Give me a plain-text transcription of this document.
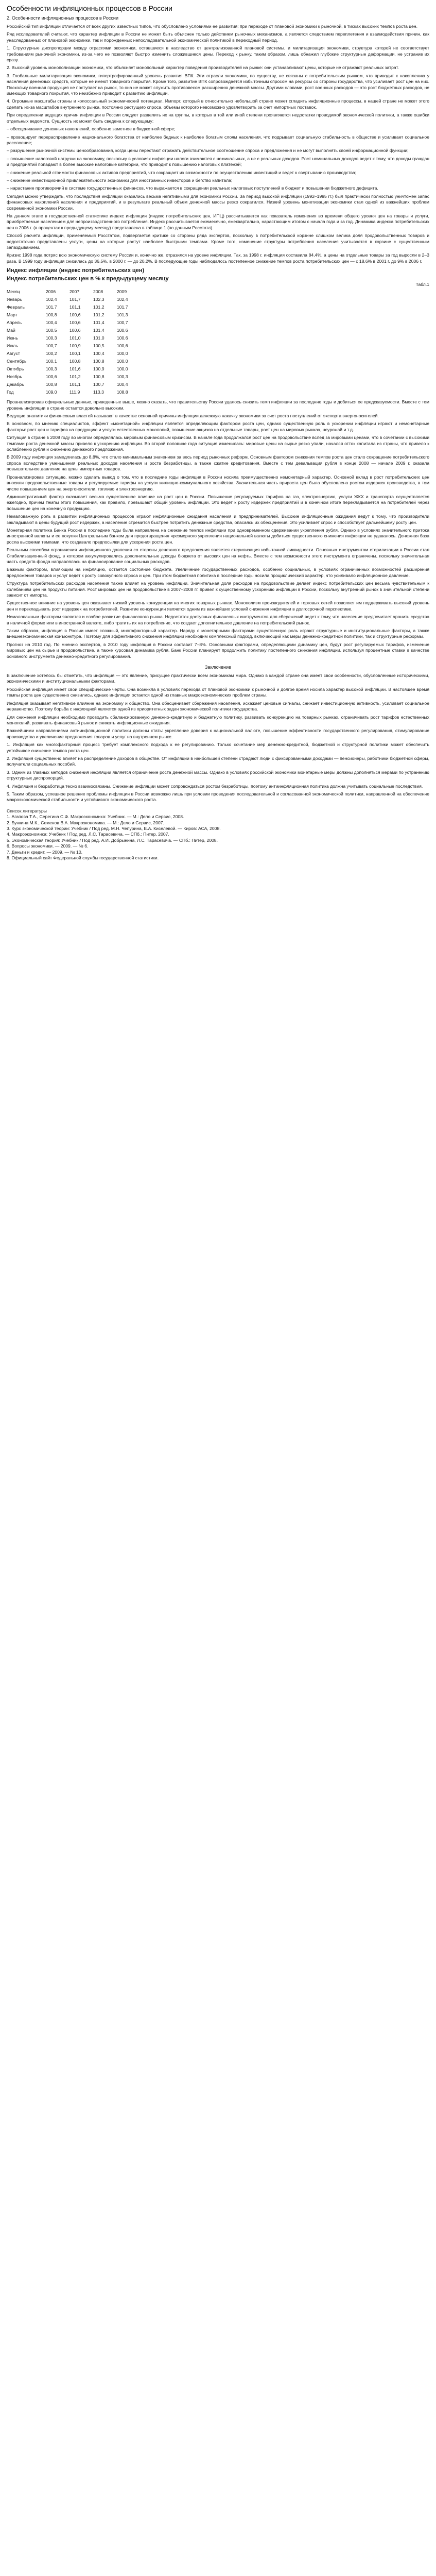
Особенности инфляционных процессов в России
2. Особенности инфляционных процессов в России

Российский тип инфляции отличается от всех других известных типов, что обусловлено условиями ее развития: при переходе от плановой экономики к рыночной, в тисках высоких темпов роста цен.

Ряд исследователей считают, что характер инфляции в России не может быть объяснен только действием рыночных механизмов, а является следствием переплетения и взаимодействия причин, как унаследованных от плановой экономики, так и порожденных непоследовательной экономической политикой в переходный период.

1. Структурные диспропорции между отраслями экономики, оставшиеся в наследство от централизованной плановой системы, и милитаризация экономики, структура которой не соответствует требованиям рыночной экономики, из-за чего не позволяют быстро изменить сложившиеся цены. Переход к рынку, таким образом, лишь обнажил глубокие структурные деформации, не устранив их сразу.

2. Высокий уровень монополизации экономики, что объясняет монопольный характер поведения производителей на рынке: они устанавливают цены, которые не отражают реальных затрат.

3. Глобальные милитаризация экономики, гипертрофированный уровень развития ВПК. Эти отрасли экономики, по существу, не связаны с потребительским рынком, что приводит к накоплению у населения денежных средств, которые не имеют товарного покрытия. Кроме того, развитие ВПК сопровождается избыточным спросом на ресурсы со стороны государства, что усиливает рост цен на них. Поскольку военная продукция не поступает на рынок, то она не может служить противовесом расширению денежной массы. Другими словами, рост военных расходов — это рост бюджетных расходов, не имеющих товарного покрытия, что неизбежно приводит к развитию инфляции.

4. Огромные масштабы страны и колоссальный экономический потенциал. Импорт, который в относительно небольшой стране может сгладить инфляционные процессы, в нашей стране не может этого сделать из-за масштабов внутреннего рынка, постоянно растущего спроса, объемы которого невозможно удовлетворить за счет импортных поставок.

При определении ведущих причин инфляции в России следует разделить их на группы, в которых в той или иной степени проявляются недостатки проводимой экономической политики, а также ошибки отдельных ведомств. Сущность их может быть сведена к следующему:

– обесценивание денежных накоплений, особенно заметное в бюджетной сфере;

– провоцирует перераспределение национального богатства от наиболее бедных к наиболее богатым слоям населения, что подрывает социальную стабильность в обществе и усиливает социальное расслоение;

– разрушение рыночной системы ценообразования, когда цены перестают отражать действительное соотношение спроса и предложения и не могут выполнять своей информационной функции;

– повышение налоговой нагрузки на экономику, поскольку в условиях инфляции налоги взимаются с номинальных, а не с реальных доходов. Рост номинальных доходов ведет к тому, что доходы граждан и предприятий попадают в более высокие налоговые категории, что приводит к повышению налоговых платежей;

– снижение реальной стоимости финансовых активов предприятий, что сокращает их возможности по осуществлению инвестиций и ведет к свертыванию производства;

– снижение инвестиционной привлекательности экономики для иностранных инвесторов и бегство капитала;

– нарастание противоречий в системе государственных финансов, что выражается в сокращении реальных налоговых поступлений в бюджет и повышении бюджетного дефицита.

Сегодня можно утверждать, что последствия инфляции оказались весьма негативными для экономики России. За период высокой инфляции (1992–1995 гг.) был практически полностью уничтожен запас финансовых накоплений населения и предприятий, и в результате реальный объем денежной массы резко сократился. Низкий уровень монетизации экономики стал одной из важнейших проблем современной экономики России.

На данном этапе в государственной статистике индекс инфляции (индекс потребительских цен, ИПЦ) рассчитывается как показатель изменения во времени общего уровня цен на товары и услуги, приобретаемые населением для непроизводственного потребления. Индекс рассчитывается ежемесячно, ежеквартально, нарастающим итогом с начала года и за год. Динамика индекса потребительских цен в 2006 г. (в процентах к предыдущему месяцу) представлена в таблице 1 (по данным Росстата).

Способ расчета инфляции, применяемый Росстатом, подвергается критике со стороны ряда экспертов, поскольку в потребительской корзине слишком велика доля продовольственных товаров и недостаточно представлены услуги, цены на которые растут наиболее быстрыми темпами. Кроме того, изменение структуры потребления населения учитывается в корзине с существенным запаздыванием.

Кризис 1998 года потряс всю экономическую систему России и, конечно же, отразился на уровне инфляции. Так, за 1998 г. инфляция составила 84,4%, а цены на отдельные товары за год выросли в 2–3 раза. В 1999 году инфляция снизилась до 36,5%, в 2000 г. — до 20,2%. В последующие годы наблюдалось постепенное снижение темпов роста потребительских цен — с 18,6% в 2001 г. до 9% в 2006 г.

Индекс инфляции (индекс потребительских цен)
Индекс потребительских цен в % к предыдущему месяцу
Табл.1
Месяц	2006	2007	2008	2009
Январь	102,4	101,7	102,3	102,4
Февраль	101,7	101,1	101,2	101,7
Март	100,8	100,6	101,2	101,3
Апрель	100,4	100,6	101,4	100,7
Май	100,5	100,6	101,4	100,6
Июнь	100,3	101,0	101,0	100,6
Июль	100,7	100,9	100,5	100,6
Август	100,2	100,1	100,4	100,0
Сентябрь	100,1	100,8	100,8	100,0
Октябрь	100,3	101,6	100,9	100,0
Ноябрь	100,6	101,2	100,8	100,3
Декабрь	100,8	101,1	100,7	100,4
Год	109,0	111,9	113,3	108,8

Проанализировав официальные данные, приведенные выше, можно сказать, что правительству России удалось снизить темп инфляции за последние годы и добиться ее предсказуемости. Вместе с тем уровень инфляции в стране остается довольно высоким.

Ведущие аналитики финансовых властей называют в качестве основной причины инфляции денежную накачку экономики за счет роста поступлений от экспорта энергоносителей.

В основном, по мнению специалистов, эффект «монетарной» инфляции является определяющим фактором роста цен, однако существенную роль в ускорении инфляции играют и немонетарные факторы: рост цен и тарифов на продукцию и услуги естественных монополий, повышение акцизов на отдельные товары, рост цен на мировых рынках, неурожай и т.д.

Ситуация в стране в 2008 году во многом определялась мировым финансовым кризисом. В начале года продолжался рост цен на продовольствие вслед за мировыми ценами, что в сочетании с высокими темпами роста денежной массы привело к ускорению инфляции. Во второй половине года ситуация изменилась: мировые цены на сырье резко упали, начался отток капитала из страны, что привело к ослаблению рубля и снижению денежного предложения.

В 2009 году инфляция замедлилась до 8,8%, что стало минимальным значением за весь период рыночных реформ. Основным фактором снижения темпов роста цен стало сокращение потребительского спроса вследствие уменьшения реальных доходов населения и роста безработицы, а также сжатие кредитования. Вместе с тем девальвация рубля в конце 2008 — начале 2009 г. оказала повышательное давление на цены импортных товаров.

Проанализировав ситуацию, можно сделать вывод о том, что в последние годы инфляция в России носила преимущественно немонетарный характер. Основной вклад в рост потребительских цен вносили продовольственные товары и регулируемые тарифы на услуги жилищно-коммунального хозяйства. Значительная часть прироста цен была обусловлена ростом издержек производства, в том числе повышением цен на энергоносители, топливо и электроэнергию.

Административный фактор оказывает весьма существенное влияние на рост цен в России. Повышение регулируемых тарифов на газ, электроэнергию, услуги ЖКХ и транспорта осуществляется ежегодно, причем темпы этого повышения, как правило, превышают общий уровень инфляции. Это ведет к росту издержек предприятий и в конечном итоге перекладывается на потребителей через повышение цен на конечную продукцию.

Немаловажную роль в развитии инфляционных процессов играют инфляционные ожидания населения и предпринимателей. Высокие инфляционные ожидания ведут к тому, что производители закладывают в цены будущий рост издержек, а население стремится быстрее потратить денежные средства, опасаясь их обесценения. Это усиливает спрос и способствует дальнейшему росту цен.

Монетарная политика Банка России в последние годы была направлена на снижение темпов инфляции при одновременном сдерживании укрепления рубля. Однако в условиях значительного притока иностранной валюты и ее покупки Центральным банком для предотвращения чрезмерного укрепления национальной валюты добиться существенного снижения инфляции не удавалось. Денежная база росла высокими темпами, что создавало предпосылки для ускорения роста цен.

Реальным способом ограничения инфляционного давления со стороны денежного предложения является стерилизация избыточной ликвидности. Основным инструментом стерилизации в России стал Стабилизационный фонд, в котором аккумулировались дополнительные доходы бюджета от высоких цен на нефть. Вместе с тем возможности этого инструмента ограничены, поскольку значительная часть средств фонда направлялась на финансирование социальных расходов.

Важным фактором, влияющим на инфляцию, остается состояние бюджета. Увеличение государственных расходов, особенно социальных, в условиях ограниченных возможностей расширения предложения товаров и услуг ведет к росту совокупного спроса и цен. При этом бюджетная политика в последние годы носила проциклический характер, что усиливало инфляционное давление.

Структура потребительских расходов населения также влияет на уровень инфляции. Значительная доля расходов на продовольствие делает индекс потребительских цен весьма чувствительным к колебаниям цен на продукты питания. Рост мировых цен на продовольствие в 2007–2008 гг. привел к существенному ускорению инфляции в России, поскольку внутренний рынок в значительной степени зависит от импорта.

Существенное влияние на уровень цен оказывает низкий уровень конкуренции на многих товарных рынках. Монополизм производителей и торговых сетей позволяет им поддерживать высокий уровень цен и перекладывать рост издержек на потребителей. Развитие конкуренции является одним из важнейших условий снижения инфляции в долгосрочной перспективе.

Немаловажным фактором является и слабое развитие финансового рынка. Недостаток доступных финансовых инструментов для сбережений ведет к тому, что население предпочитает хранить средства в наличной форме или в иностранной валюте, либо тратить их на потребление, что создает дополнительное давление на потребительский рынок.

Таким образом, инфляция в России имеет сложный, многофакторный характер. Наряду с монетарными факторами существенную роль играют структурные и институциональные факторы, а также внешнеэкономическая конъюнктура. Поэтому для эффективного снижения инфляции необходим комплексный подход, включающий как меры денежно-кредитной политики, так и структурные реформы.

Прогноз на 2010 год. По мнению экспертов, в 2010 году инфляция в России составит 7–8%. Основными факторами, определяющими динамику цен, будут рост регулируемых тарифов, изменение мировых цен на сырье и продовольствие, а также курсовая динамика рубля. Банк России планирует продолжить политику постепенного снижения инфляции, используя процентные ставки в качестве основного инструмента денежно-кредитного регулирования.

Заключение

В заключение хотелось бы отметить, что инфляция — это явление, присущее практически всем экономикам мира. Однако в каждой стране она имеет свои особенности, обусловленные историческими, экономическими и институциональными факторами.

Российская инфляция имеет свои специфические черты. Она возникла в условиях перехода от плановой экономики к рыночной и долгое время носила характер высокой инфляции. В настоящее время темпы роста цен существенно снизились, однако инфляция остается одной из главных макроэкономических проблем страны.

Инфляция оказывает негативное влияние на экономику и общество. Она обесценивает сбережения населения, искажает ценовые сигналы, снижает инвестиционную активность, усиливает социальное неравенство. Поэтому борьба с инфляцией является одной из приоритетных задач экономической политики государства.

Для снижения инфляции необходимо проводить сбалансированную денежно-кредитную и бюджетную политику, развивать конкуренцию на товарных рынках, ограничивать рост тарифов естественных монополий, развивать финансовый рынок и снижать инфляционные ожидания.

Важнейшими направлениями антиинфляционной политики должны стать: укрепление доверия к национальной валюте, повышение эффективности государственного регулирования, стимулирование производства и увеличение предложения товаров и услуг на внутреннем рынке.

1. Инфляция как многофакторный процесс требует комплексного подхода к ее регулированию. Только сочетание мер денежно-кредитной, бюджетной и структурной политики может обеспечить устойчивое снижение темпов роста цен.

2. Инфляция существенно влияет на распределение доходов в обществе. От инфляции в наибольшей степени страдают люди с фиксированными доходами — пенсионеры, работники бюджетной сферы, получатели социальных пособий.

3. Одним из главных методов снижения инфляции является ограничение роста денежной массы. Однако в условиях российской экономики монетарные меры должны дополняться мерами по устранению структурных диспропорций.

4. Инфляция и безработица тесно взаимосвязаны. Снижение инфляции может сопровождаться ростом безработицы, поэтому антиинфляционная политика должна учитывать социальные последствия.

5. Таким образом, успешное решение проблемы инфляции в России возможно лишь при условии проведения последовательной и согласованной экономической политики, направленной на обеспечение макроэкономической стабильности и устойчивого экономического роста.

Список литературы

1. Агапова Т.А., Серегина С.Ф. Макроэкономика: Учебник. — М.: Дело и Сервис, 2008.

2. Бункина М.К., Семенов В.А. Макроэкономика. — М.: Дело и Сервис, 2007.

3. Курс экономической теории: Учебник / Под ред. М.Н. Чепурина, Е.А. Киселевой. — Киров: АСА, 2008.

4. Макроэкономика: Учебник / Под ред. Л.С. Тарасевича. — СПб.: Питер, 2007.

5. Экономическая теория: Учебник / Под ред. А.И. Добрынина, Л.С. Тарасевича. — СПб.: Питер, 2008.

6. Вопросы экономики. — 2009. — № 6.

7. Деньги и кредит. — 2009. — № 10.

8. Официальный сайт Федеральной службы государственной статистики.
